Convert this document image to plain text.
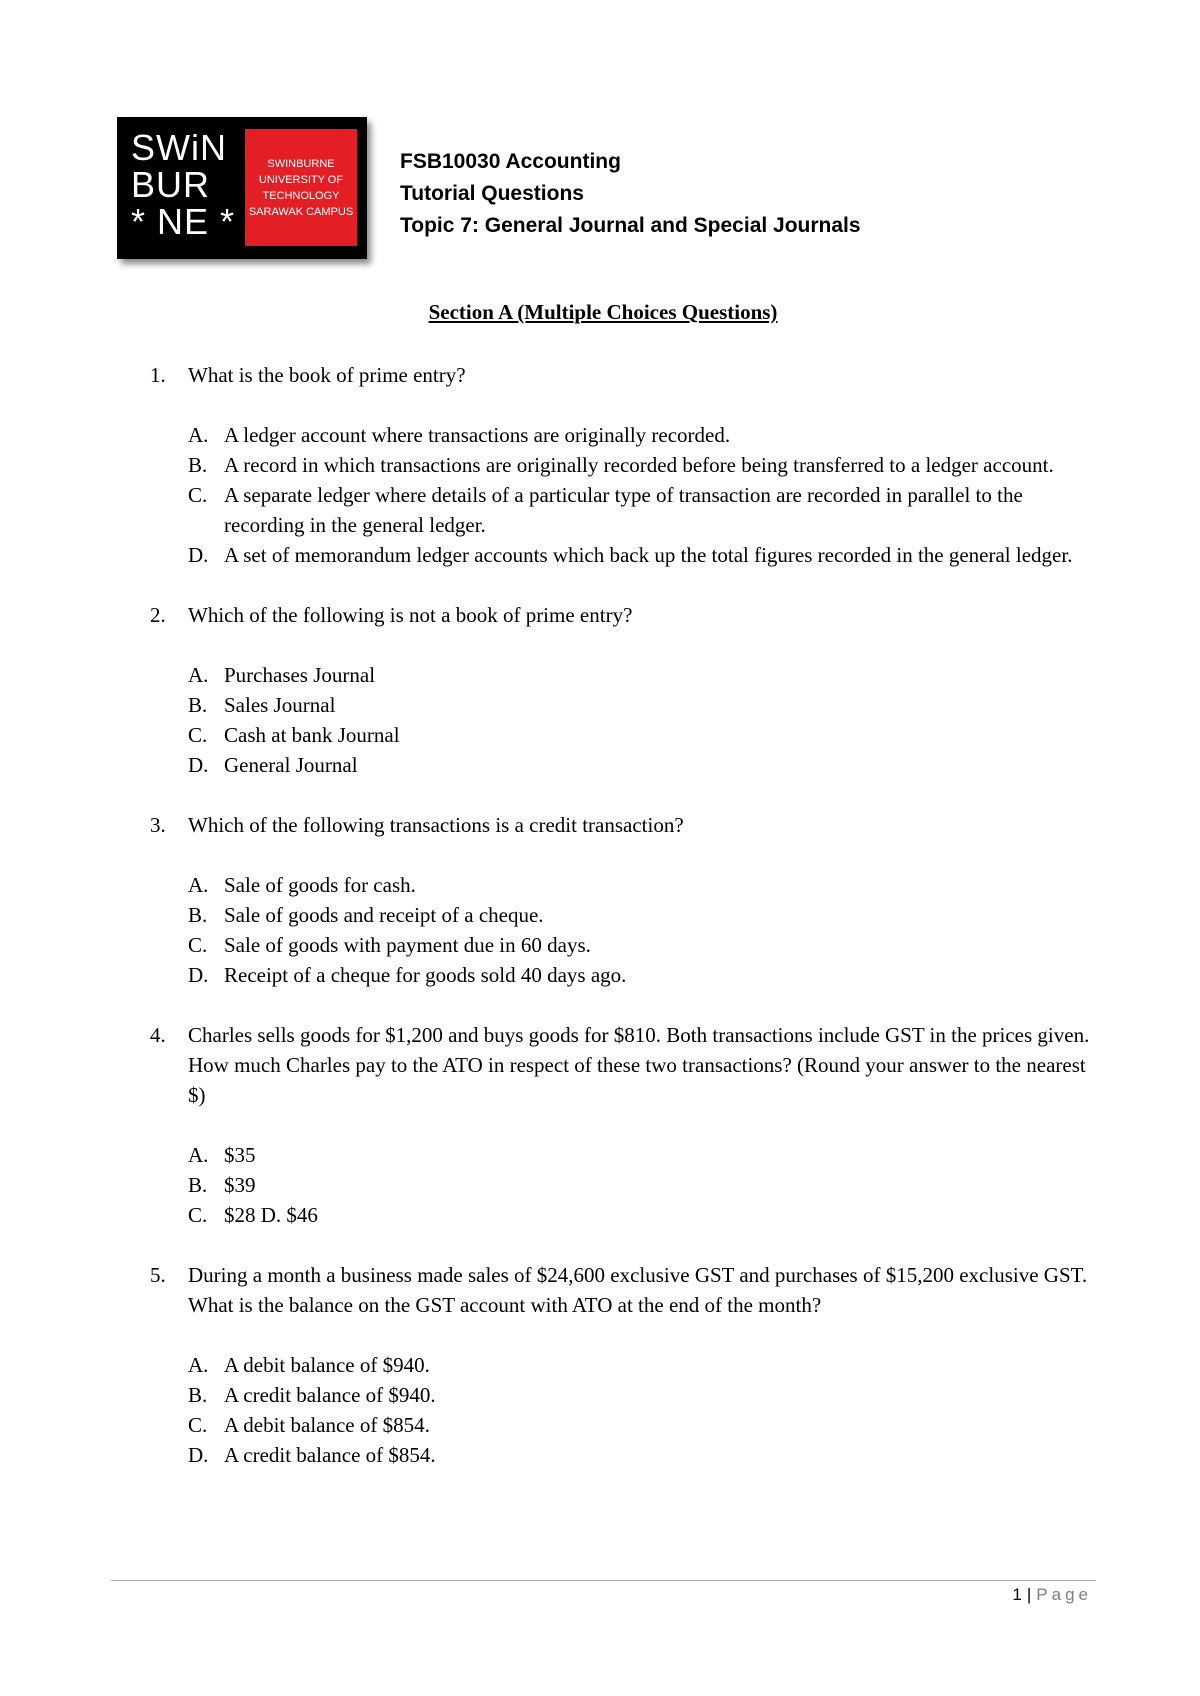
SWiN
BUR
* NE *
SWINBURNE
UNIVERSITY OF
TECHNOLOGY
SARAWAK CAMPUS
FSB10030 Accounting
Tutorial Questions
Topic 7: General Journal and Special Journals
Section A (Multiple Choices Questions)
1.	What is the book of prime entry?
A. A ledger account where transactions are originally recorded.
B. A record in which transactions are originally recorded before being transferred to a ledger account.
C. A separate ledger where details of a particular type of transaction are recorded in parallel to the recording in the general ledger.
D. A set of memorandum ledger accounts which back up the total figures recorded in the general ledger.
2.	Which of the following is not a book of prime entry?
A. Purchases Journal
B. Sales Journal
C. Cash at bank Journal
D. General Journal
3.	Which of the following transactions is a credit transaction?
A. Sale of goods for cash.
B. Sale of goods and receipt of a cheque.
C. Sale of goods with payment due in 60 days.
D. Receipt of a cheque for goods sold 40 days ago.
4.	Charles sells goods for $1,200 and buys goods for $810. Both transactions include GST in the prices given. How much Charles pay to the ATO in respect of these two transactions? (Round your answer to the nearest $)
A. $35
B. $39
C. $28 D. $46
5.	During a month a business made sales of $24,600 exclusive GST and purchases of $15,200 exclusive GST. What is the balance on the GST account with ATO at the end of the month?
A. A debit balance of $940.
B. A credit balance of $940.
C. A debit balance of $854.
D. A credit balance of $854.
1 | Page
